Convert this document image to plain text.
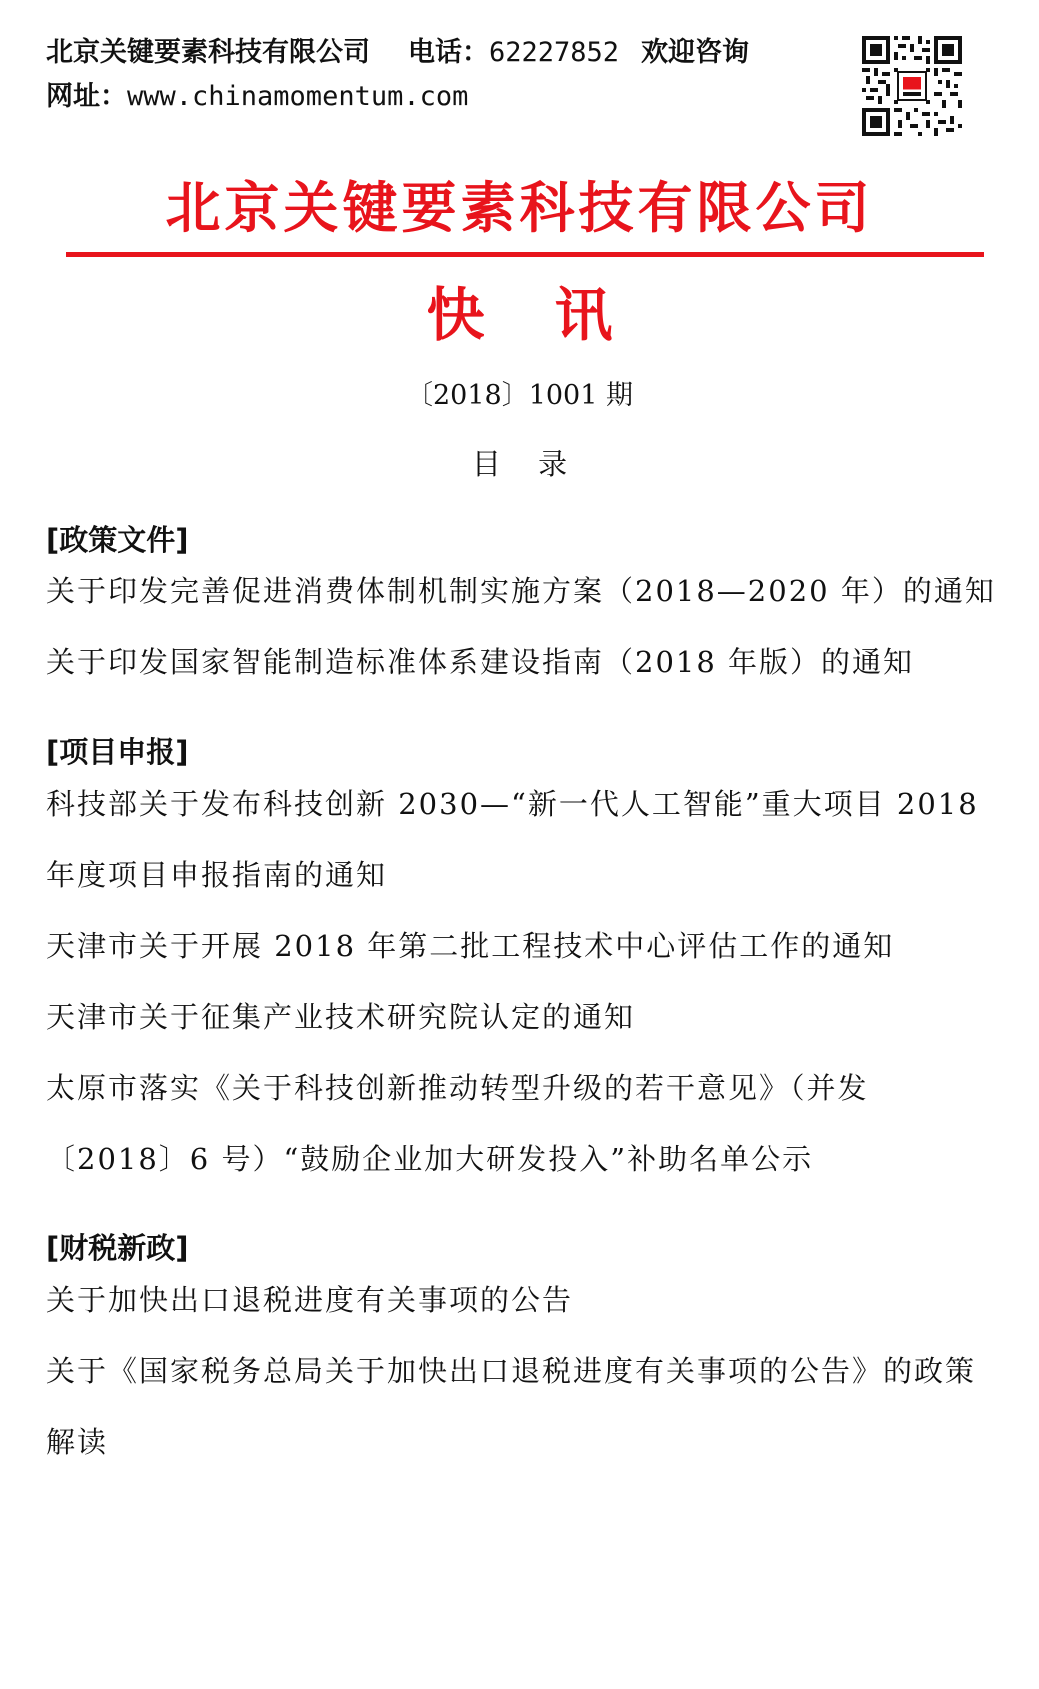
北京关键要素科技有限公司 电话：62227852 欢迎咨询
网址：www.chinamomentum.com
北京关键要素科技有限公司
快讯
〔2018〕1001 期
目 录
[政策文件]
关于印发完善促进消费体制机制实施方案（2018—2020 年）的通知
关于印发国家智能制造标准体系建设指南（2018 年版）的通知
[项目申报]
科技部关于发布科技创新 2030—“新一代人工智能”重大项目 2018 年度项目申报指南的通知
天津市关于开展 2018 年第二批工程技术中心评估工作的通知
天津市关于征集产业技术研究院认定的通知
太原市落实《关于科技创新推动转型升级的若干意见》（并发〔2018〕6 号）“鼓励企业加大研发投入”补助名单公示
[财税新政]
关于加快出口退税进度有关事项的公告
关于《国家税务总局关于加快出口退税进度有关事项的公告》的政策解读
